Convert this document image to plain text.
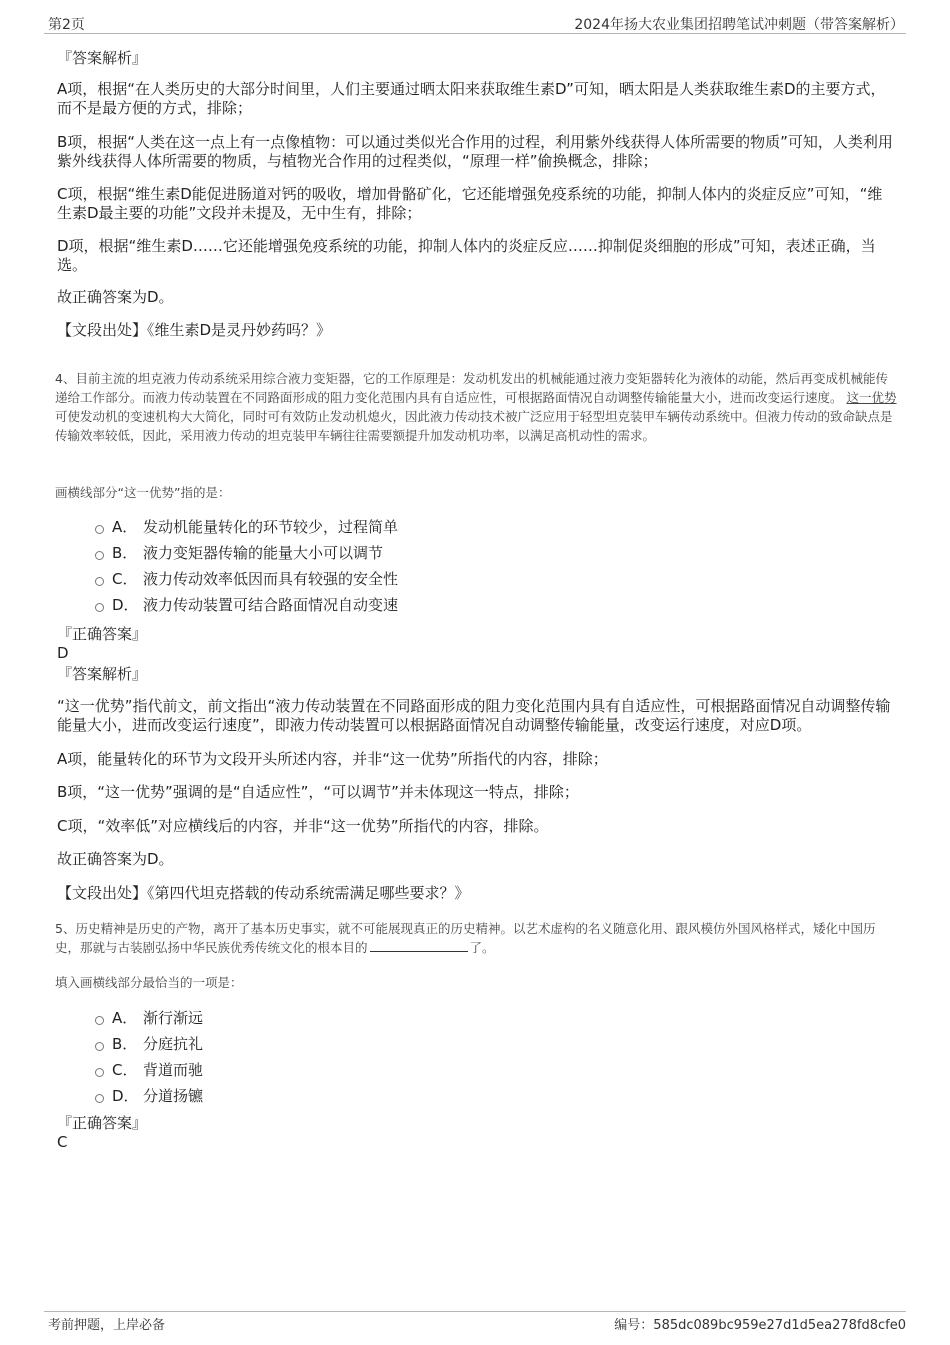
第2页	2024年扬大农业集团招聘笔试冲刺题（带答案解析）
『答案解析』
A项，根据“在人类历史的大部分时间里，人们主要通过晒太阳来获取维生素D”可知，晒太阳是人类获取维生素D的主要方式，而不是最方便的方式，排除；
B项，根据“人类在这一点上有一点像植物：可以通过类似光合作用的过程，利用紫外线获得人体所需要的物质”可知，人类利用紫外线获得人体所需要的物质，与植物光合作用的过程类似，“原理一样”偷换概念，排除；
C项，根据“维生素D能促进肠道对钙的吸收，增加骨骼矿化，它还能增强免疫系统的功能，抑制人体内的炎症反应”可知，“维生素D最主要的功能”文段并未提及，无中生有，排除；
D项，根据“维生素D……它还能增强免疫系统的功能，抑制人体内的炎症反应……抑制促炎细胞的形成”可知，表述正确，当选。
故正确答案为D。
【文段出处】《维生素D是灵丹妙药吗？》
4、目前主流的坦克液力传动系统采用综合液力变矩器，它的工作原理是：发动机发出的机械能通过液力变矩器转化为液体的动能，然后再变成机械能传递给工作部分。而液力传动装置在不同路面形成的阻力变化范围内具有自适应性，可根据路面情况自动调整传输能量大小，进而改变运行速度。 这一优势 可使发动机的变速机构大大简化，同时可有效防止发动机熄火，因此液力传动技术被广泛应用于轻型坦克装甲车辆传动系统中。但液力传动的致命缺点是传输效率较低，因此，采用液力传动的坦克装甲车辆往往需要额提升加发动机功率，以满足高机动性的需求。
画横线部分“这一优势”指的是：
A． 发动机能量转化的环节较少，过程简单
B． 液力变矩器传输的能量大小可以调节
C． 液力传动效率低因而具有较强的安全性
D． 液力传动装置可结合路面情况自动变速
『正确答案』
D
『答案解析』
“这一优势”指代前文，前文指出“液力传动装置在不同路面形成的阻力变化范围内具有自适应性，可根据路面情况自动调整传输能量大小，进而改变运行速度”，即液力传动装置可以根据路面情况自动调整传输能量，改变运行速度，对应D项。
A项，能量转化的环节为文段开头所述内容，并非“这一优势”所指代的内容，排除；
B项，“这一优势”强调的是“自适应性”，“可以调节”并未体现这一特点，排除；
C项，“效率低”对应横线后的内容，并非“这一优势”所指代的内容，排除。
故正确答案为D。
【文段出处】《第四代坦克搭载的传动系统需满足哪些要求？》
5、历史精神是历史的产物，离开了基本历史事实，就不可能展现真正的历史精神。以艺术虚构的名义随意化用、跟风模仿外国风格样式，矮化中国历史，那就与古装剧弘扬中华民族优秀传统文化的根本目的	了。
填入画横线部分最恰当的一项是：
A． 渐行渐远
B． 分庭抗礼
C． 背道而驰
D． 分道扬镳
『正确答案』
C
考前押题，上岸必备	编号：585dc089bc959e27d1d5ea278fd8cfe0
